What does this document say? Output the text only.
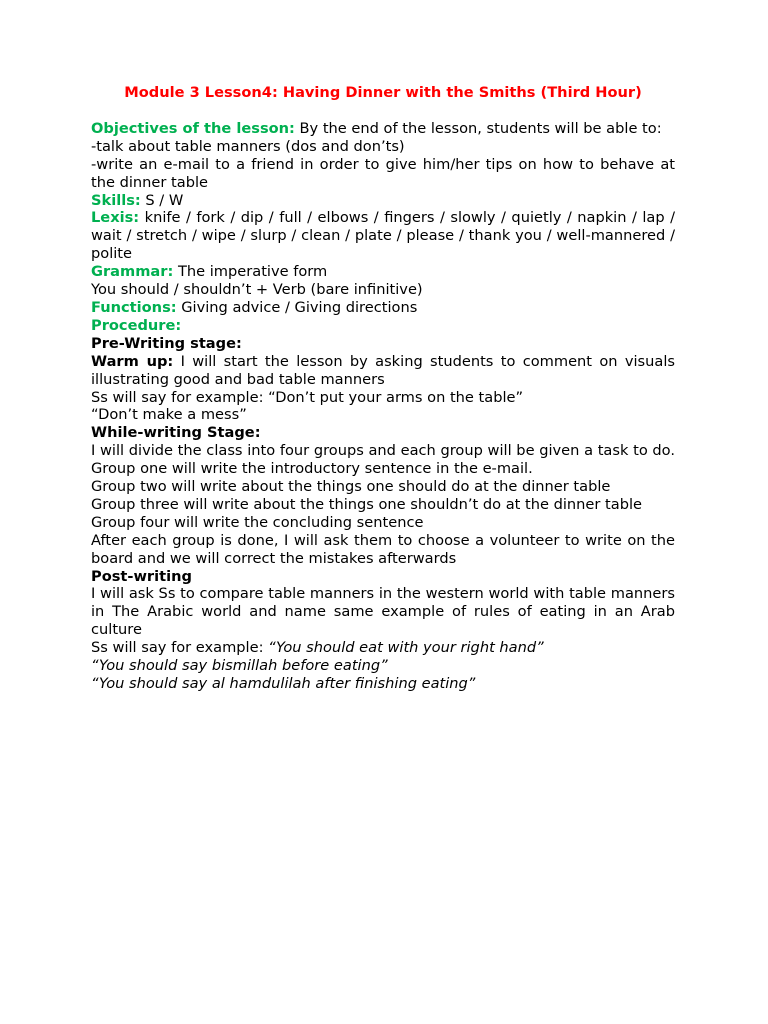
Module 3 Lesson4: Having Dinner with the Smiths (Third Hour)

Objectives of the lesson: By the end of the lesson, students will be able to:

-talk about table manners (dos and don’ts)

-write an e-mail to a friend in order to give him/her tips on how to behave at the dinner table

Skills: S / W

Lexis: knife / fork / dip / full / elbows / fingers / slowly / quietly / napkin / lap / wait / stretch / wipe / slurp / clean / plate / please / thank you / well-mannered / polite

Grammar: The imperative form

You should / shouldn’t + Verb (bare infinitive)

Functions: Giving advice / Giving directions

Procedure:

Pre-Writing stage:

Warm up: I will start the lesson by asking students to comment on visuals illustrating good and bad table manners

Ss will say for example: “Don’t put your arms on the table”

“Don’t make a mess”

While-writing Stage:

I will divide the class into four groups and each group will be given a task to do. Group one will write the introductory sentence in the e-mail.

Group two will write about the things one should do at the dinner table

Group three will write about the things one shouldn’t do at the dinner table

Group four will write the concluding sentence

After each group is done, I will ask them to choose a volunteer to write on the board and we will correct the mistakes afterwards

Post-writing

I will ask Ss to compare table manners in the western world with table manners in The Arabic world and name same example of rules of eating in an Arab culture

Ss will say for example: “You should eat with your right hand”

“You should say bismillah before eating”

“You should say al hamdulilah after finishing eating”
